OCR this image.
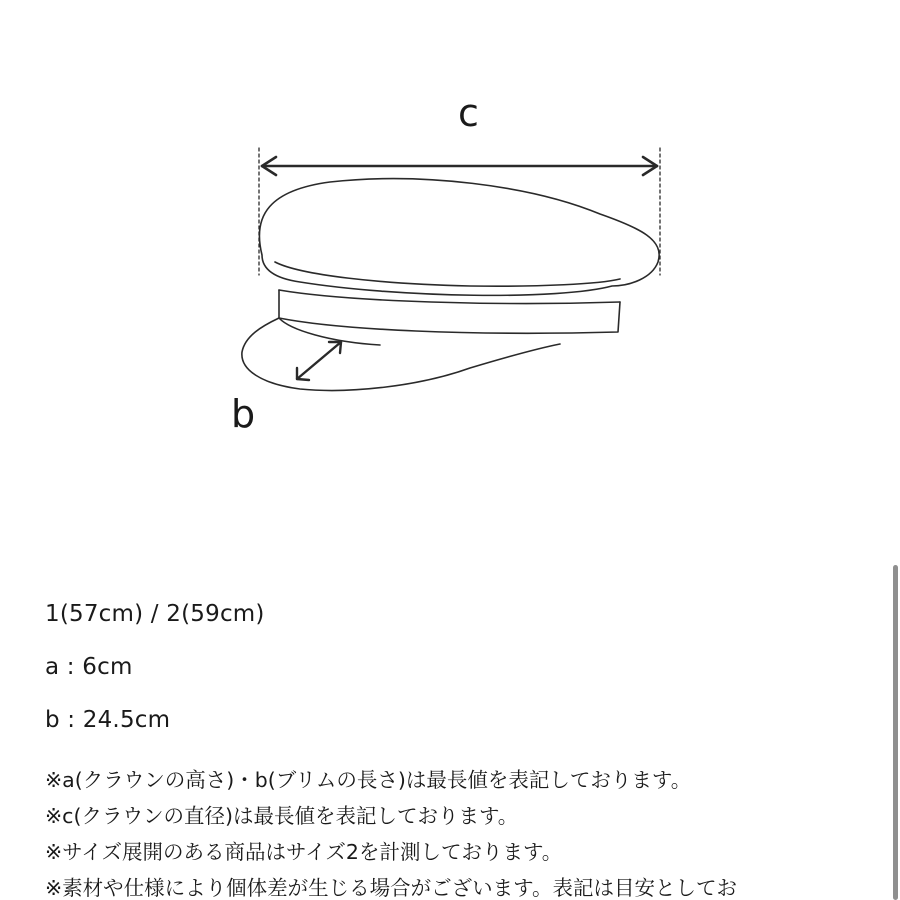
c
b

1(57cm) / 2(59cm)

a : 6cm

b : 24.5cm

※a(クラウンの高さ)・b(ブリムの長さ)は最長値を表記しております。

※c(クラウンの直径)は最長値を表記しております。

※サイズ展開のある商品はサイズ2を計測しております。

※素材や仕様により個体差が生じる場合がございます。表記は目安としてお
